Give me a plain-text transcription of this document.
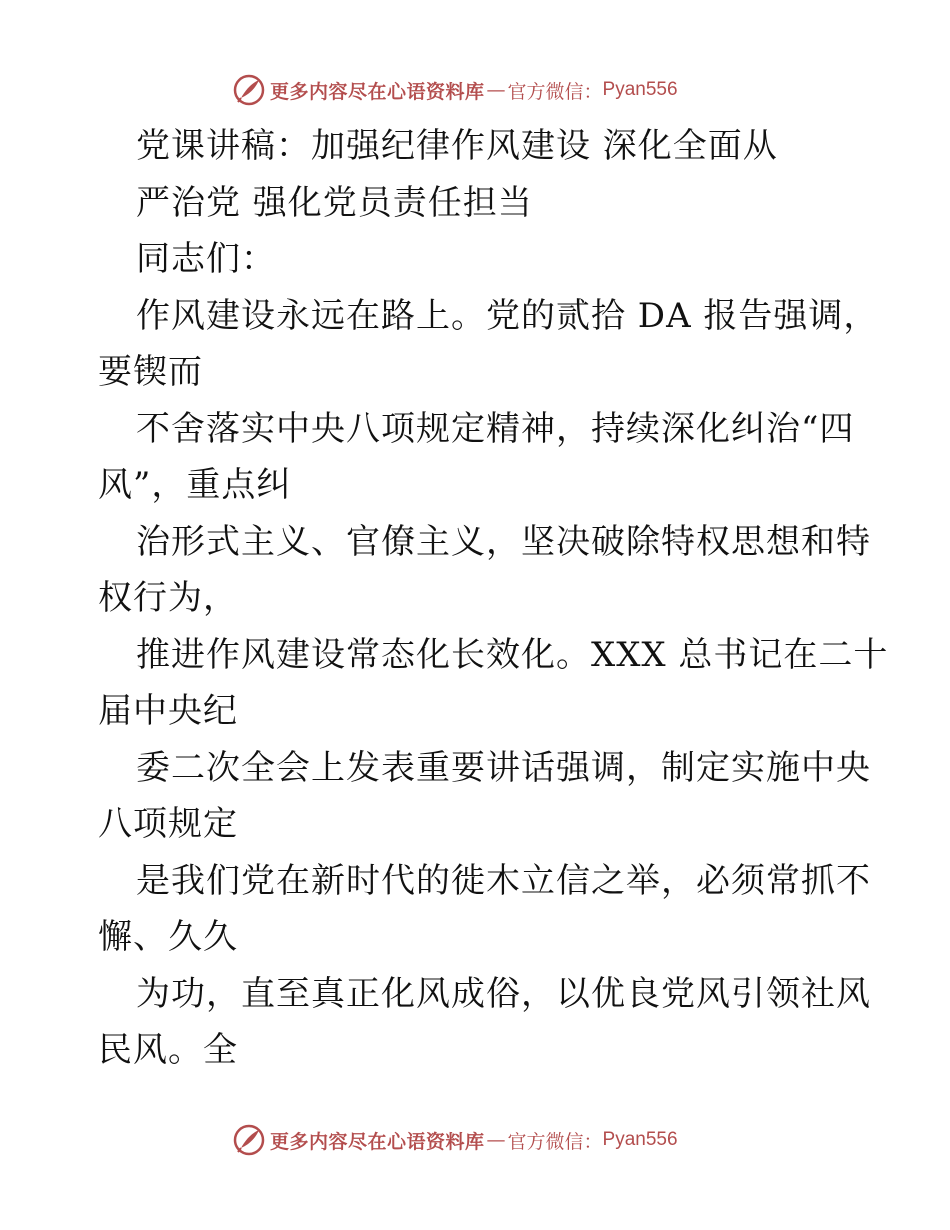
更多内容尽在心语资料库 — 官方微信： Pyan556
党课讲稿：加强纪律作风建设 深化全面从
严治党 强化党员责任担当
同志们：
作风建设永远在路上。党的贰拾 DA 报告强调，
要锲而
不舍落实中央八项规定精神，持续深化纠治“四
风”，重点纠
治形式主义、官僚主义，坚决破除特权思想和特
权行为，
推进作风建设常态化长效化。XXX 总书记在二十
届中央纪
委二次全会上发表重要讲话强调，制定实施中央
八项规定
是我们党在新时代的徙木立信之举，必须常抓不
懈、久久
为功，直至真正化风成俗，以优良党风引领社风
民风。全
更多内容尽在心语资料库 — 官方微信： Pyan556
